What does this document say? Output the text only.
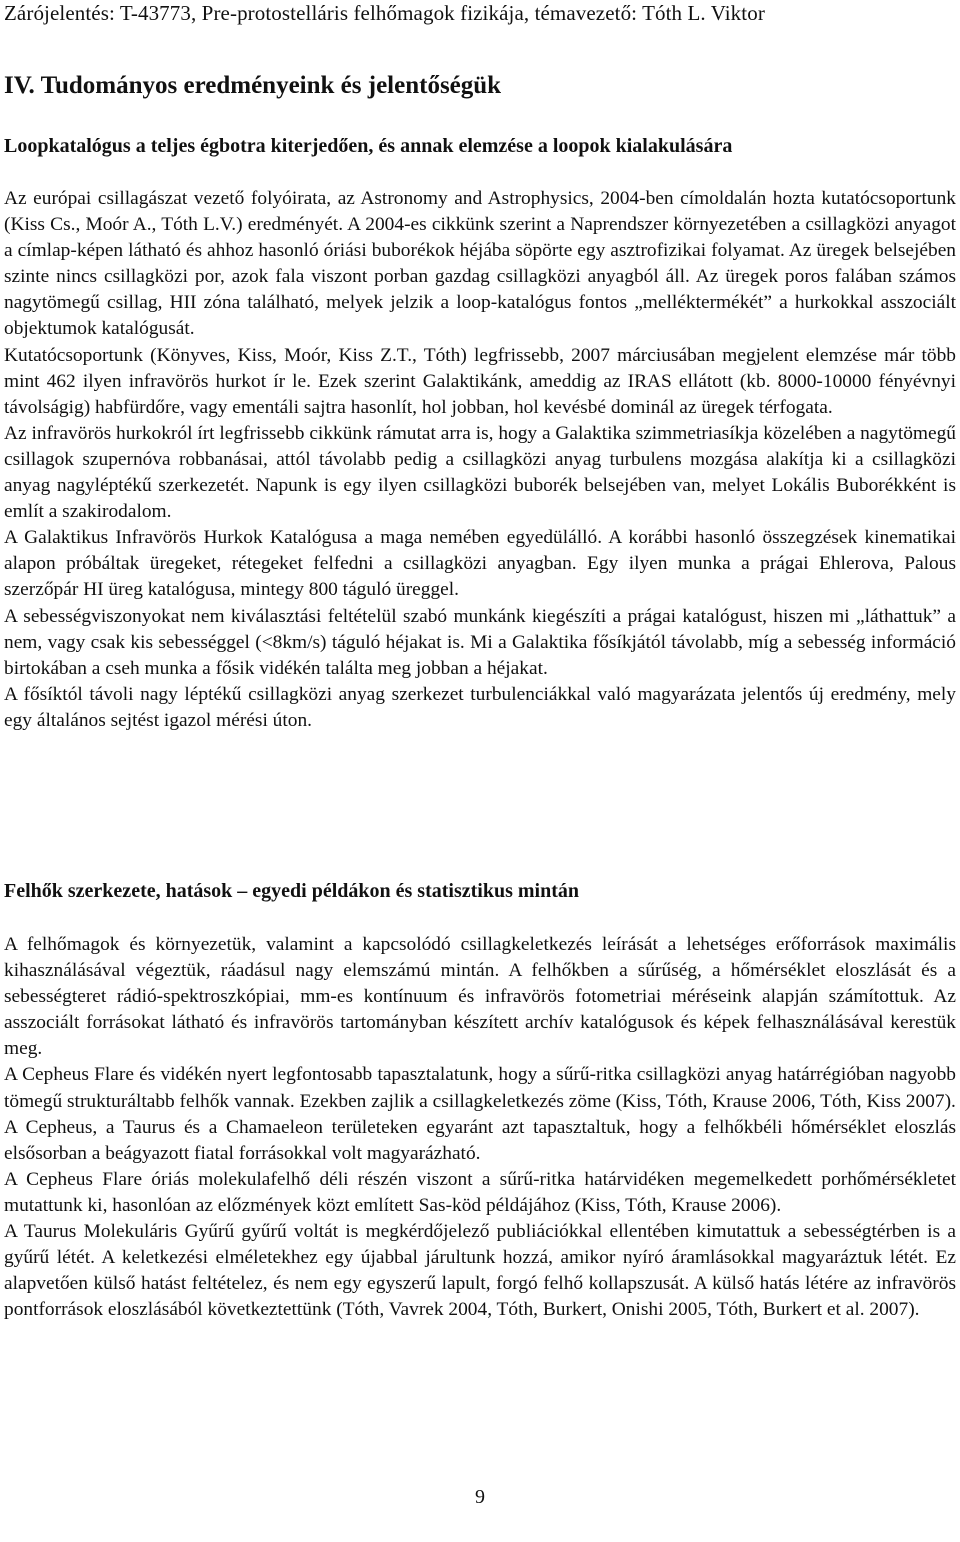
Zárójelentés: T-43773, Pre-protostelláris felhőmagok fizikája, témavezető: Tóth L. Viktor
IV. Tudományos eredményeink és jelentőségük
Loopkatalógus a teljes égbotra kiterjedően, és annak elemzése a loopok kialakulására

Az európai csillagászat vezető folyóirata, az Astronomy and Astrophysics, 2004-ben címoldalán hozta kutatócsoportunk (Kiss Cs., Moór A., Tóth L.V.) eredményét. A 2004-es cikkünk szerint a Naprendszer környezetében a csillagközi anyagot a címlap-képen látható és ahhoz hasonló óriási buborékok héjába söpörte egy asztrofizikai folyamat. Az üregek belsejében szinte nincs csillagközi por, azok fala viszont porban gazdag csillagközi anyagból áll. Az üregek poros falában számos nagytömegű csillag, HII zóna található, melyek jelzik a loop-katalógus fontos „melléktermékét” a hurkokkal asszociált objektumok katalógusát.

Kutatócsoportunk (Könyves, Kiss, Moór, Kiss Z.T., Tóth) legfrissebb, 2007 márciusában megjelent elemzése már több mint 462 ilyen infravörös hurkot ír le. Ezek szerint Galaktikánk, ameddig az IRAS ellátott (kb. 8000-10000 fényévnyi távolságig) habfürdőre, vagy ementáli sajtra hasonlít, hol jobban, hol kevésbé dominál az üregek térfogata.

Az infravörös hurkokról írt legfrissebb cikkünk rámutat arra is, hogy a Galaktika szimmetriasíkja közelében a nagytömegű csillagok szupernóva robbanásai, attól távolabb pedig a csillagközi anyag turbulens mozgása alakítja ki a csillagközi anyag nagyléptékű szerkezetét. Napunk is egy ilyen csillagközi buborék belsejében van, melyet Lokális Buborékként is említ a szakirodalom.

A Galaktikus Infravörös Hurkok Katalógusa a maga nemében egyedülálló. A korábbi hasonló összegzések kinematikai alapon próbáltak üregeket, rétegeket felfedni a csillagközi anyagban. Egy ilyen munka a prágai Ehlerova, Palous szerzőpár HI üreg katalógusa, mintegy 800 táguló üreggel.

A sebességviszonyokat nem kiválasztási feltételül szabó munkánk kiegészíti a prágai katalógust, hiszen mi „láthattuk” a nem, vagy csak kis sebességgel (<8km/s) táguló héjakat is. Mi a Galaktika fősíkjától távolabb, míg a sebesség információ birtokában a cseh munka a fősik vidékén találta meg jobban a héjakat.

A fősíktól távoli nagy léptékű csillagközi anyag szerkezet turbulenciákkal való magyarázata jelentős új eredmény, mely egy általános sejtést igazol mérési úton.

Felhők szerkezete, hatások – egyedi példákon és statisztikus mintán

A felhőmagok és környezetük, valamint a kapcsolódó csillagkeletkezés leírását a lehetséges erőforrások maximális kihasználásával végeztük, ráadásul nagy elemszámú mintán. A felhőkben a sűrűség, a hőmérséklet eloszlását és a sebességteret rádió-spektroszkópiai, mm-es kontínuum és infravörös fotometriai méréseink alapján számítottuk. Az asszociált forrásokat látható és infravörös tartományban készített archív katalógusok és képek felhasználásával kerestük meg.

A Cepheus Flare és vidékén nyert legfontosabb tapasztalatunk, hogy a sűrű-ritka csillagközi anyag határrégióban nagyobb tömegű strukturáltabb felhők vannak. Ezekben zajlik a csillagkeletkezés zöme (Kiss, Tóth, Krause 2006, Tóth, Kiss 2007).

A Cepheus, a Taurus és a Chamaeleon területeken egyaránt azt tapasztaltuk, hogy a felhőkbéli hőmérséklet eloszlás elsősorban a beágyazott fiatal forrásokkal volt magyarázható.

A Cepheus Flare óriás molekulafelhő déli részén viszont a sűrű-ritka határvidéken megemelkedett porhőmérsékletet mutattunk ki, hasonlóan az előzmények közt említett Sas-köd példájához (Kiss, Tóth, Krause 2006).

A Taurus Molekuláris Gyűrű gyűrű voltát is megkérdőjelező publiációkkal ellentében kimutattuk a sebességtérben is a gyűrű létét. A keletkezési elméletekhez egy újabbal járultunk hozzá, amikor nyíró áramlásokkal magyaráztuk létét. Ez alapvetően külső hatást feltételez, és nem egy egyszerű lapult, forgó felhő kollapszusát. A külső hatás létére az infravörös pontforrások eloszlásából következtettünk (Tóth, Vavrek 2004, Tóth, Burkert, Onishi 2005, Tóth, Burkert et al. 2007).

9
